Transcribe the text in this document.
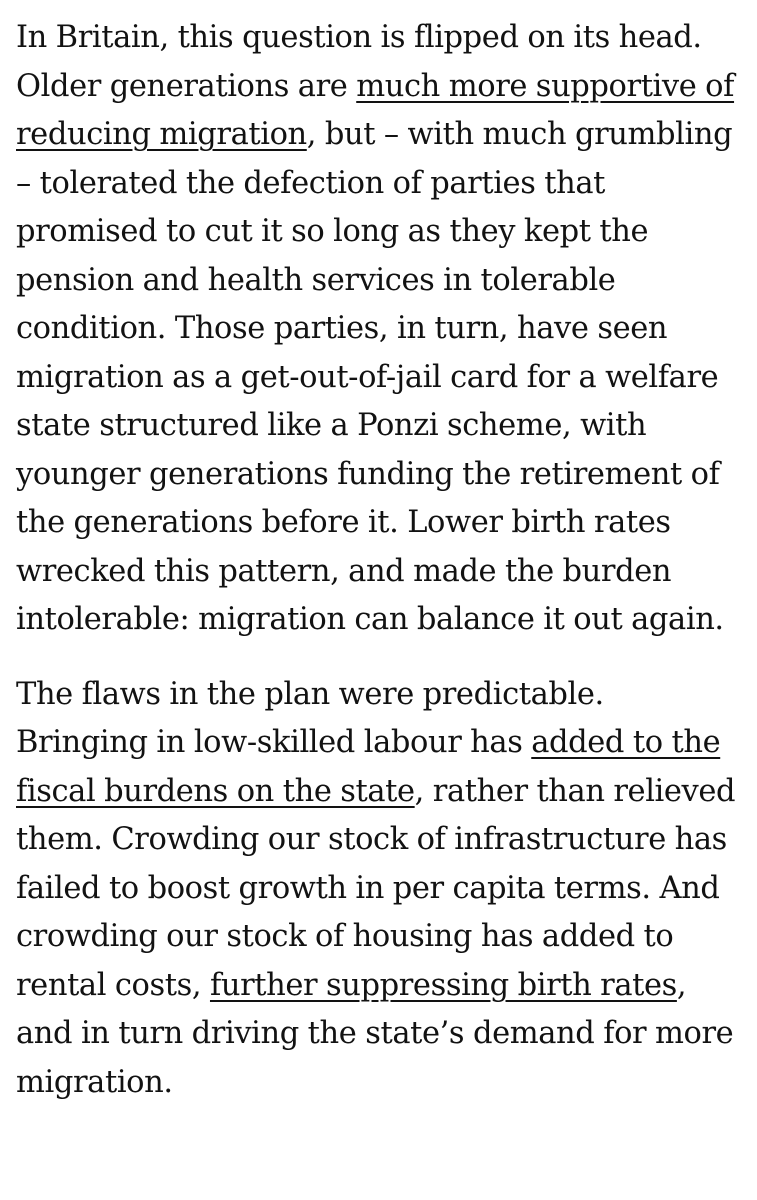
In Britain, this question is flipped on its head. Older generations are much more supportive of reducing migration, but – with much grumbling – tolerated the defection of parties that promised to cut it so long as they kept the pension and health services in tolerable condition. Those parties, in turn, have seen migration as a get-out-of-jail card for a welfare state structured like a Ponzi scheme, with younger generations funding the retirement of the generations before it. Lower birth rates wrecked this pattern, and made the burden intolerable: migration can balance it out again.

The flaws in the plan were predictable. Bringing in low-skilled labour has added to the fiscal burdens on the state, rather than relieved them. Crowding our stock of infrastructure has failed to boost growth in per capita terms. And crowding our stock of housing has added to rental costs, further suppressing birth rates, and in turn driving the state’s demand for more migration.
